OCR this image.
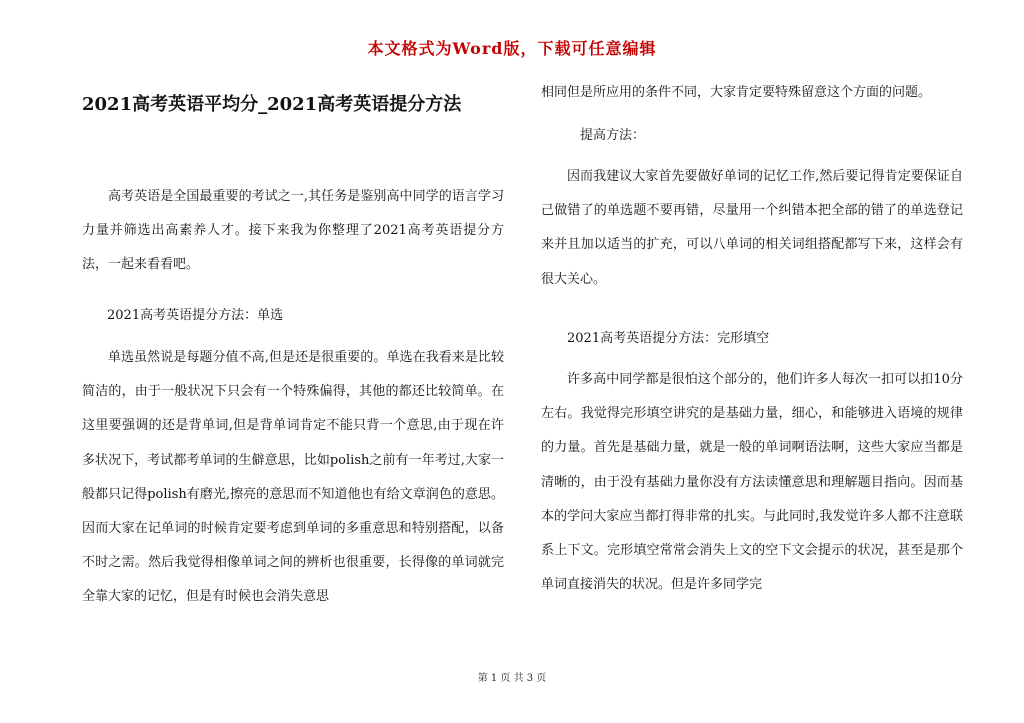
本文格式为Word版，下载可任意编辑
2021高考英语平均分_2021高考英语提分方法

高考英语是全国最重要的考试之一,其任务是鉴别高中同学的语言学习力量并筛选出高素养人才。接下来我为你整理了2021高考英语提分方法，一起来看看吧。

2021高考英语提分方法：单选

单选虽然说是每题分值不高,但是还是很重要的。单选在我看来是比较简洁的，由于一般状况下只会有一个特殊偏得，其他的都还比较简单。在这里要强调的还是背单词,但是背单词肯定不能只背一个意思,由于现在许多状况下，考试都考单词的生僻意思，比如polish之前有一年考过,大家一般都只记得polish有磨光,擦亮的意思而不知道他也有给文章润色的意思。因而大家在记单词的时候肯定要考虑到单词的多重意思和特别搭配，以备不时之需。然后我觉得相像单词之间的辨析也很重要，长得像的单词就完全靠大家的记忆，但是有时候也会消失意思

相同但是所应用的条件不同，大家肯定要特殊留意这个方面的问题。

提高方法：

因而我建议大家首先要做好单词的记忆工作,然后要记得肯定要保证自己做错了的单选题不要再错，尽量用一个纠错本把全部的错了的单选登记来并且加以适当的扩充，可以八单词的相关词组搭配都写下来，这样会有很大关心。

2021高考英语提分方法：完形填空

许多高中同学都是很怕这个部分的，他们许多人每次一扣可以扣10分左右。我觉得完形填空讲究的是基础力量，细心，和能够进入语境的规律的力量。首先是基础力量，就是一般的单词啊语法啊，这些大家应当都是清晰的，由于没有基础力量你没有方法读懂意思和理解题目指向。因而基本的学问大家应当都打得非常的扎实。与此同时,我发觉许多人都不注意联系上下文。完形填空常常会消失上文的空下文会提示的状况，甚至是那个单词直接消失的状况。但是许多同学完

第 1 页 共 3 页
